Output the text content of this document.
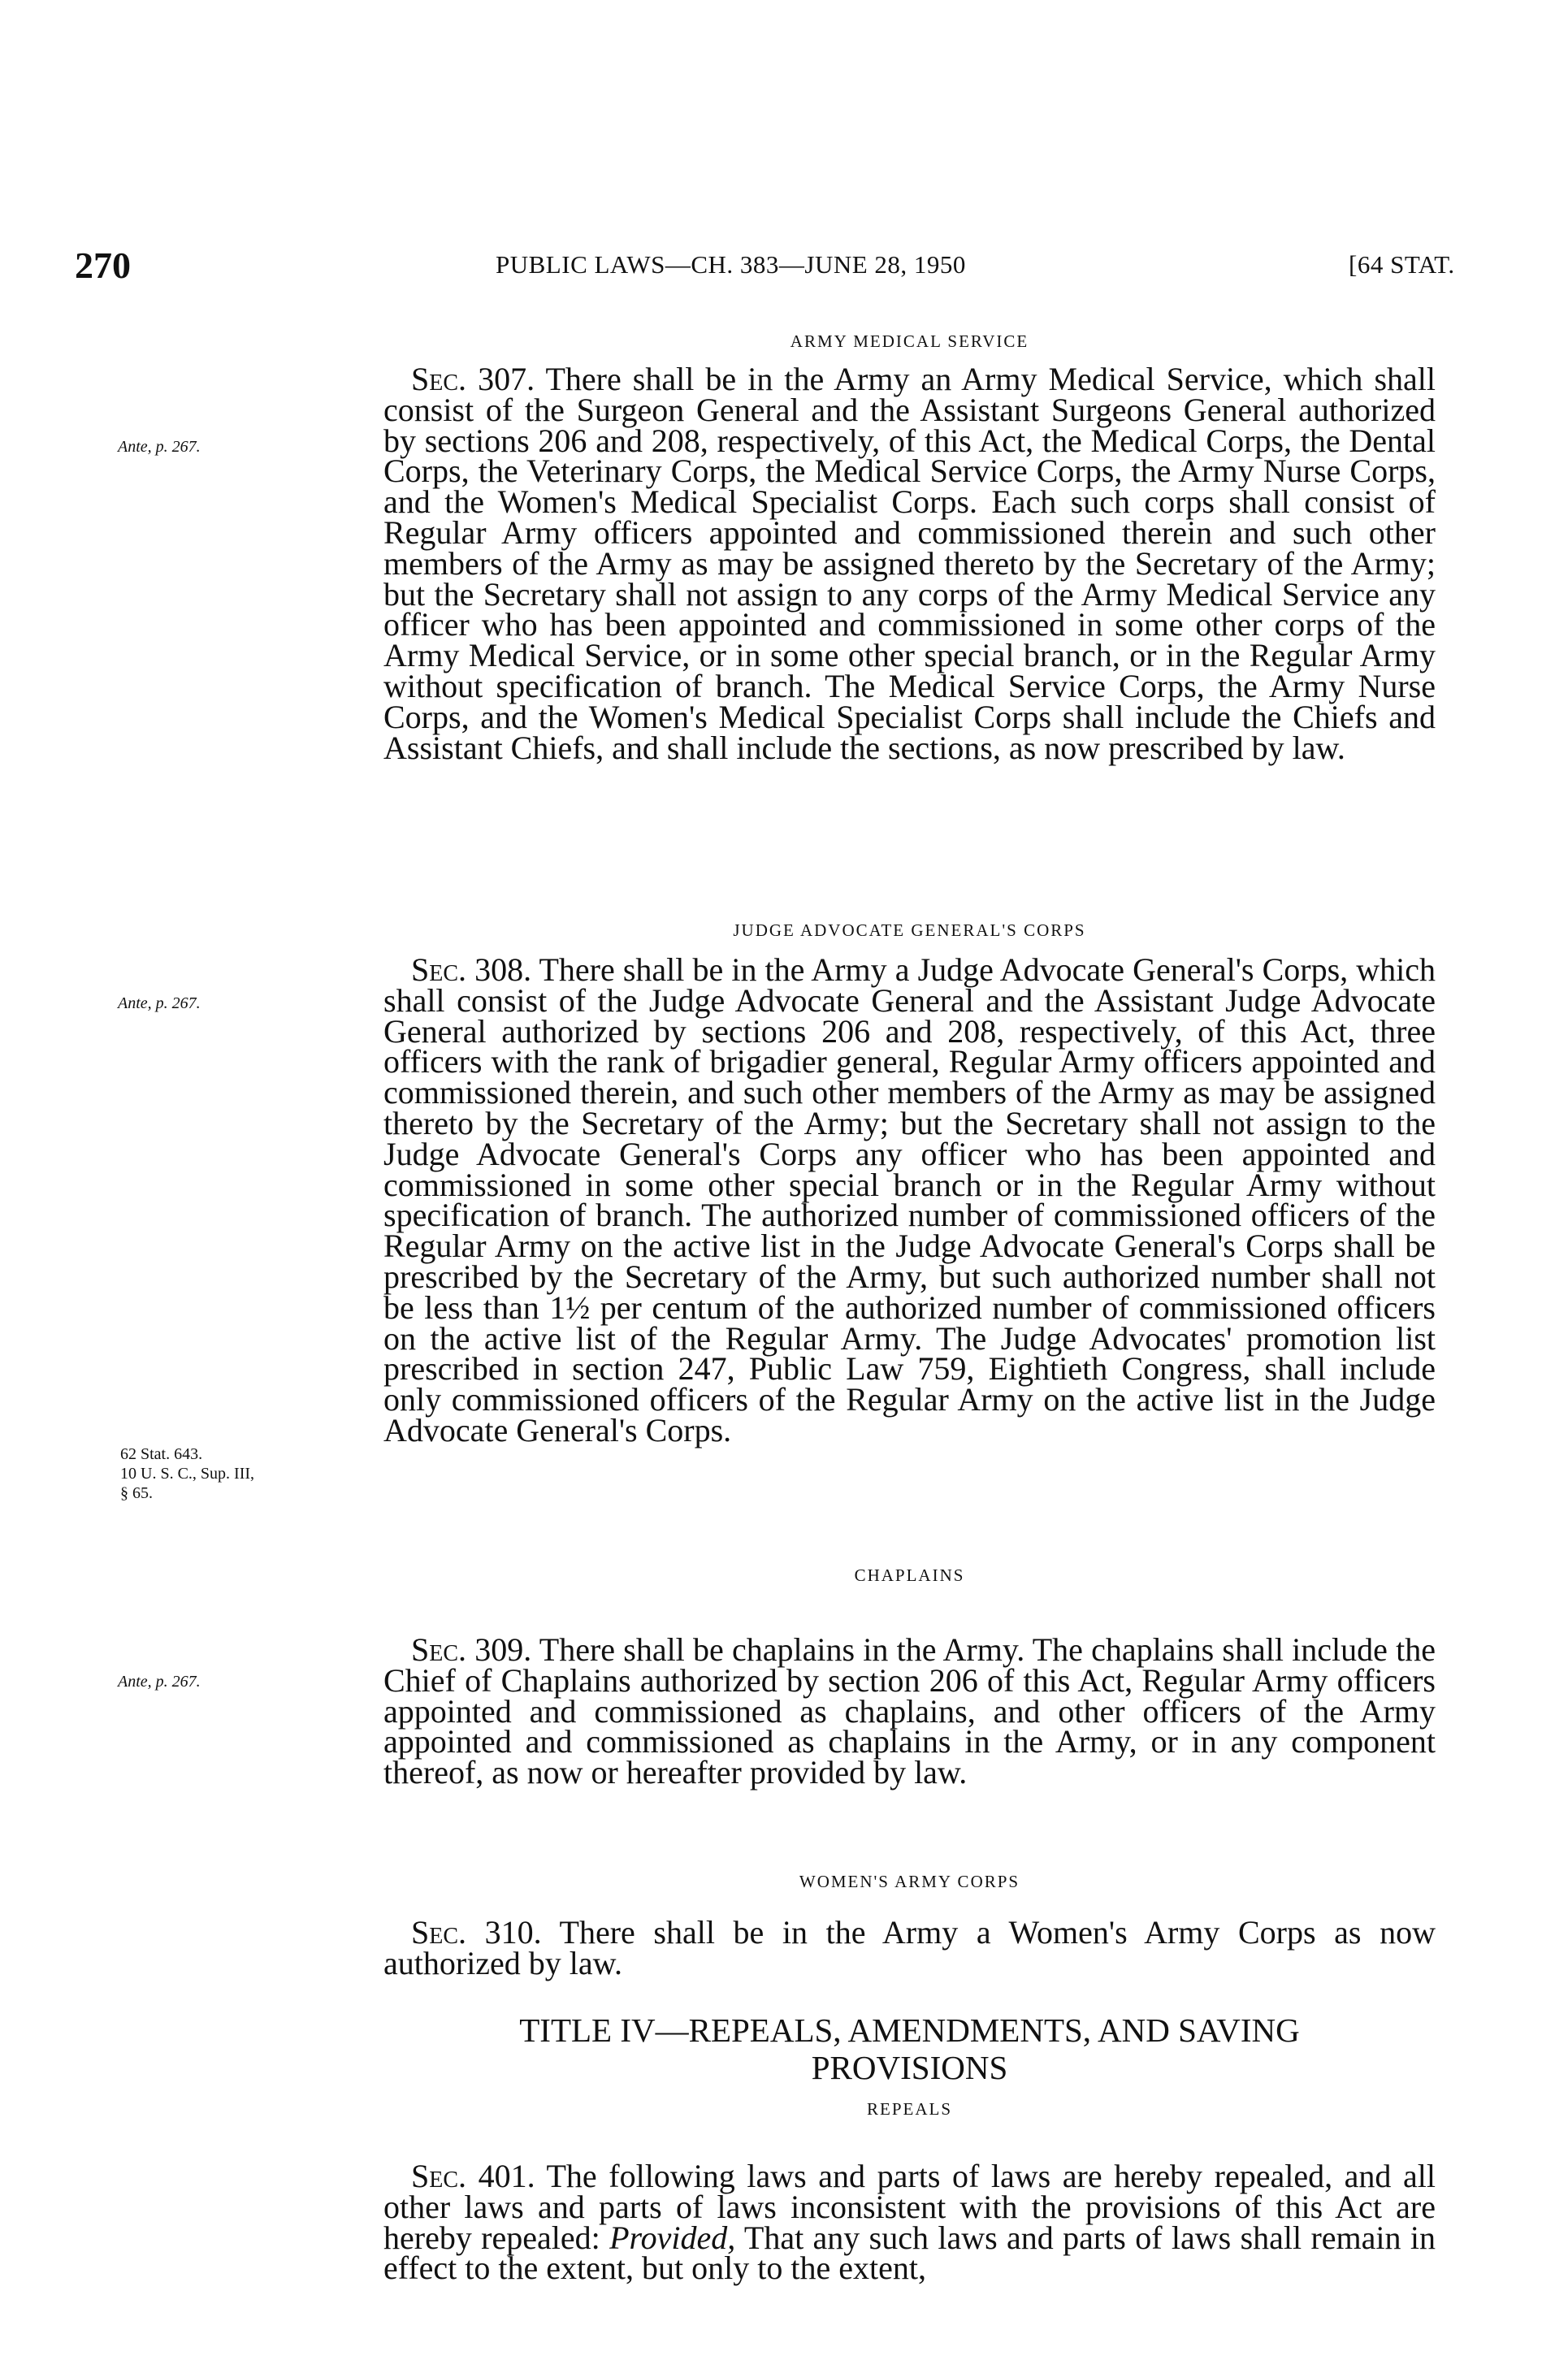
270	PUBLIC LAWS—CH. 383—JUNE 28, 1950	[64 STAT.
Ante, p. 267.
Ante, p. 267.
62 Stat. 643.
10 U. S. C., Sup. III,
§ 65.
Ante, p. 267.

ARMY MEDICAL SERVICE

Sec. 307. There shall be in the Army an Army Medical Service, which shall consist of the Surgeon General and the Assistant Surgeons General authorized by sections 206 and 208, respectively, of this Act, the Medical Corps, the Dental Corps, the Veterinary Corps, the Medical Service Corps, the Army Nurse Corps, and the Women's Medical Specialist Corps. Each such corps shall consist of Regular Army officers appointed and commissioned therein and such other members of the Army as may be assigned thereto by the Secretary of the Army; but the Secretary shall not assign to any corps of the Army Medical Service any officer who has been appointed and commissioned in some other corps of the Army Medical Service, or in some other special branch, or in the Regular Army without specification of branch. The Medical Service Corps, the Army Nurse Corps, and the Women's Medical Specialist Corps shall include the Chiefs and Assistant Chiefs, and shall include the sections, as now prescribed by law.

JUDGE ADVOCATE GENERAL'S CORPS

Sec. 308. There shall be in the Army a Judge Advocate General's Corps, which shall consist of the Judge Advocate General and the Assistant Judge Advocate General authorized by sections 206 and 208, respectively, of this Act, three officers with the rank of brigadier general, Regular Army officers appointed and commissioned therein, and such other members of the Army as may be assigned thereto by the Secretary of the Army; but the Secretary shall not assign to the Judge Advocate General's Corps any officer who has been appointed and commissioned in some other special branch or in the Regular Army without specification of branch. The authorized number of commissioned officers of the Regular Army on the active list in the Judge Advocate General's Corps shall be prescribed by the Secretary of the Army, but such authorized number shall not be less than 1½ per centum of the authorized number of commissioned officers on the active list of the Regular Army. The Judge Advocates' promotion list prescribed in section 247, Public Law 759, Eightieth Congress, shall include only commissioned officers of the Regular Army on the active list in the Judge Advocate General's Corps.

CHAPLAINS

Sec. 309. There shall be chaplains in the Army. The chaplains shall include the Chief of Chaplains authorized by section 206 of this Act, Regular Army officers appointed and commissioned as chaplains, and other officers of the Army appointed and commissioned as chaplains in the Army, or in any component thereof, as now or hereafter provided by law.

WOMEN'S ARMY CORPS

Sec. 310. There shall be in the Army a Women's Army Corps as now authorized by law.

TITLE IV—REPEALS, AMENDMENTS, AND SAVING

PROVISIONS

REPEALS

Sec. 401. The following laws and parts of laws are hereby repealed, and all other laws and parts of laws inconsistent with the provisions of this Act are hereby repealed: Provided, That any such laws and parts of laws shall remain in effect to the extent, but only to the extent,
